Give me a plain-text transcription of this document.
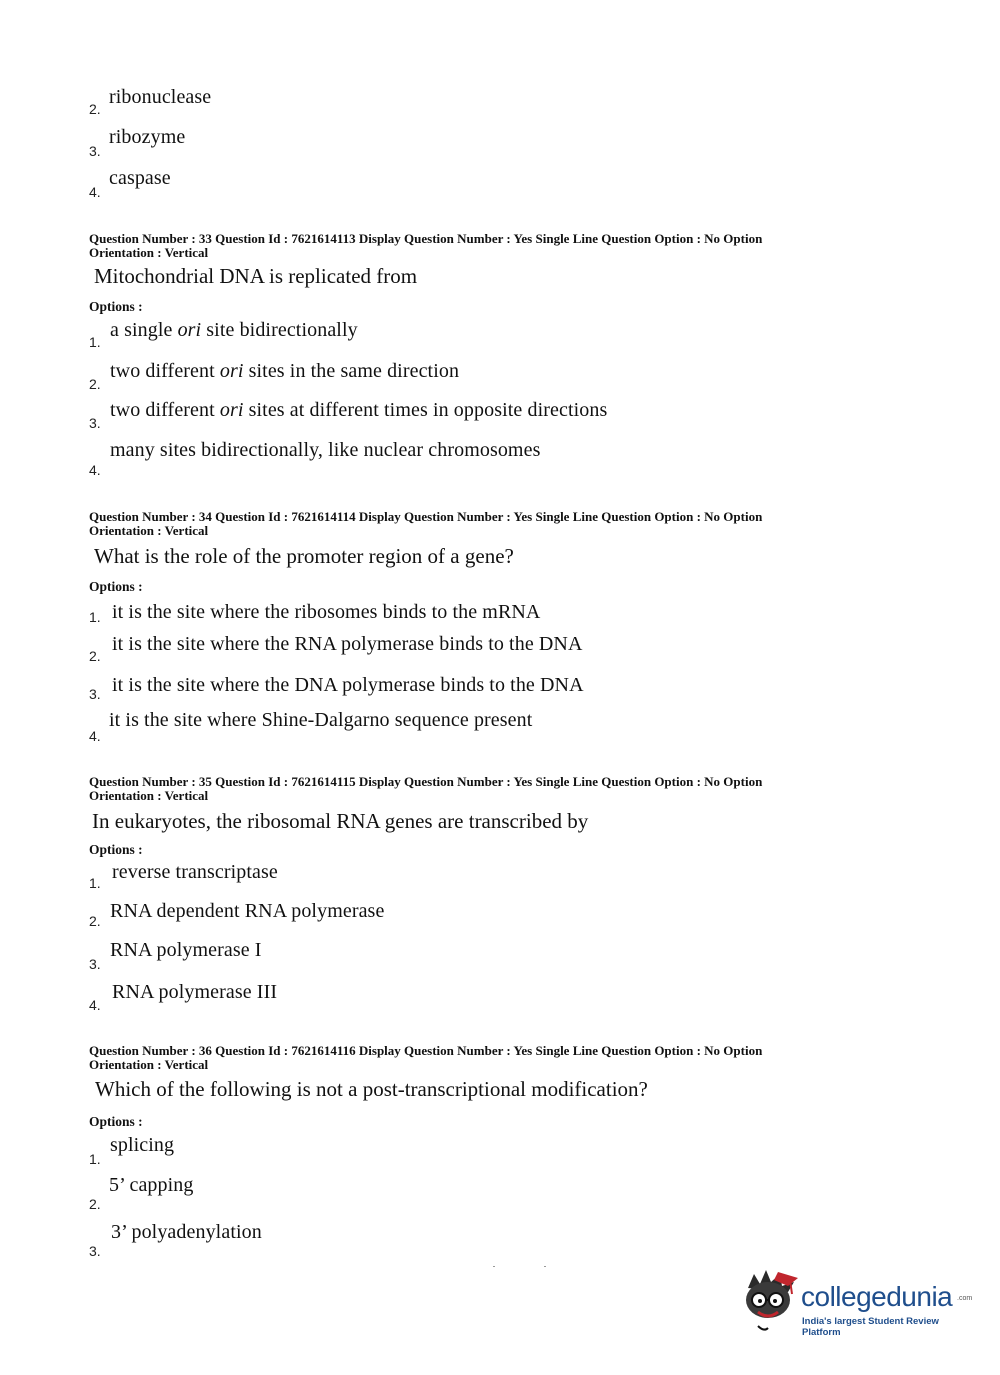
2.
ribonuclease
3.
ribozyme
4.
caspase
Question Number : 33 Question Id : 7621614113 Display Question Number : Yes Single Line Question Option : No Option
Orientation : Vertical
Mitochondrial DNA is replicated from
Options :
1.
a single ori site bidirectionally
2.
two different ori sites in the same direction
3.
two different ori sites at different times in opposite directions
4.
many sites bidirectionally, like nuclear chromosomes
Question Number : 34 Question Id : 7621614114 Display Question Number : Yes Single Line Question Option : No Option
Orientation : Vertical
What is the role of the promoter region of a gene?
Options :
1. it is the site where the ribosomes binds to the mRNA
2.
it is the site where the RNA polymerase binds to the DNA
3. it is the site where the DNA polymerase binds to the DNA
4.
it is the site where Shine-Dalgarno sequence present
Question Number : 35 Question Id : 7621614115 Display Question Number : Yes Single Line Question Option : No Option
Orientation : Vertical
In eukaryotes, the ribosomal RNA genes are transcribed by
Options :
1. reverse transcriptase
2. RNA dependent RNA polymerase
3.
RNA polymerase I
4.
RNA polymerase III
Question Number : 36 Question Id : 7621614116 Display Question Number : Yes Single Line Question Option : No Option
Orientation : Vertical
Which of the following is not a post-transcriptional modification?
Options :
1.
splicing
2.
5’ capping
3.
3’ polyadenylation
collegedunia .com
India's largest Student Review Platform
